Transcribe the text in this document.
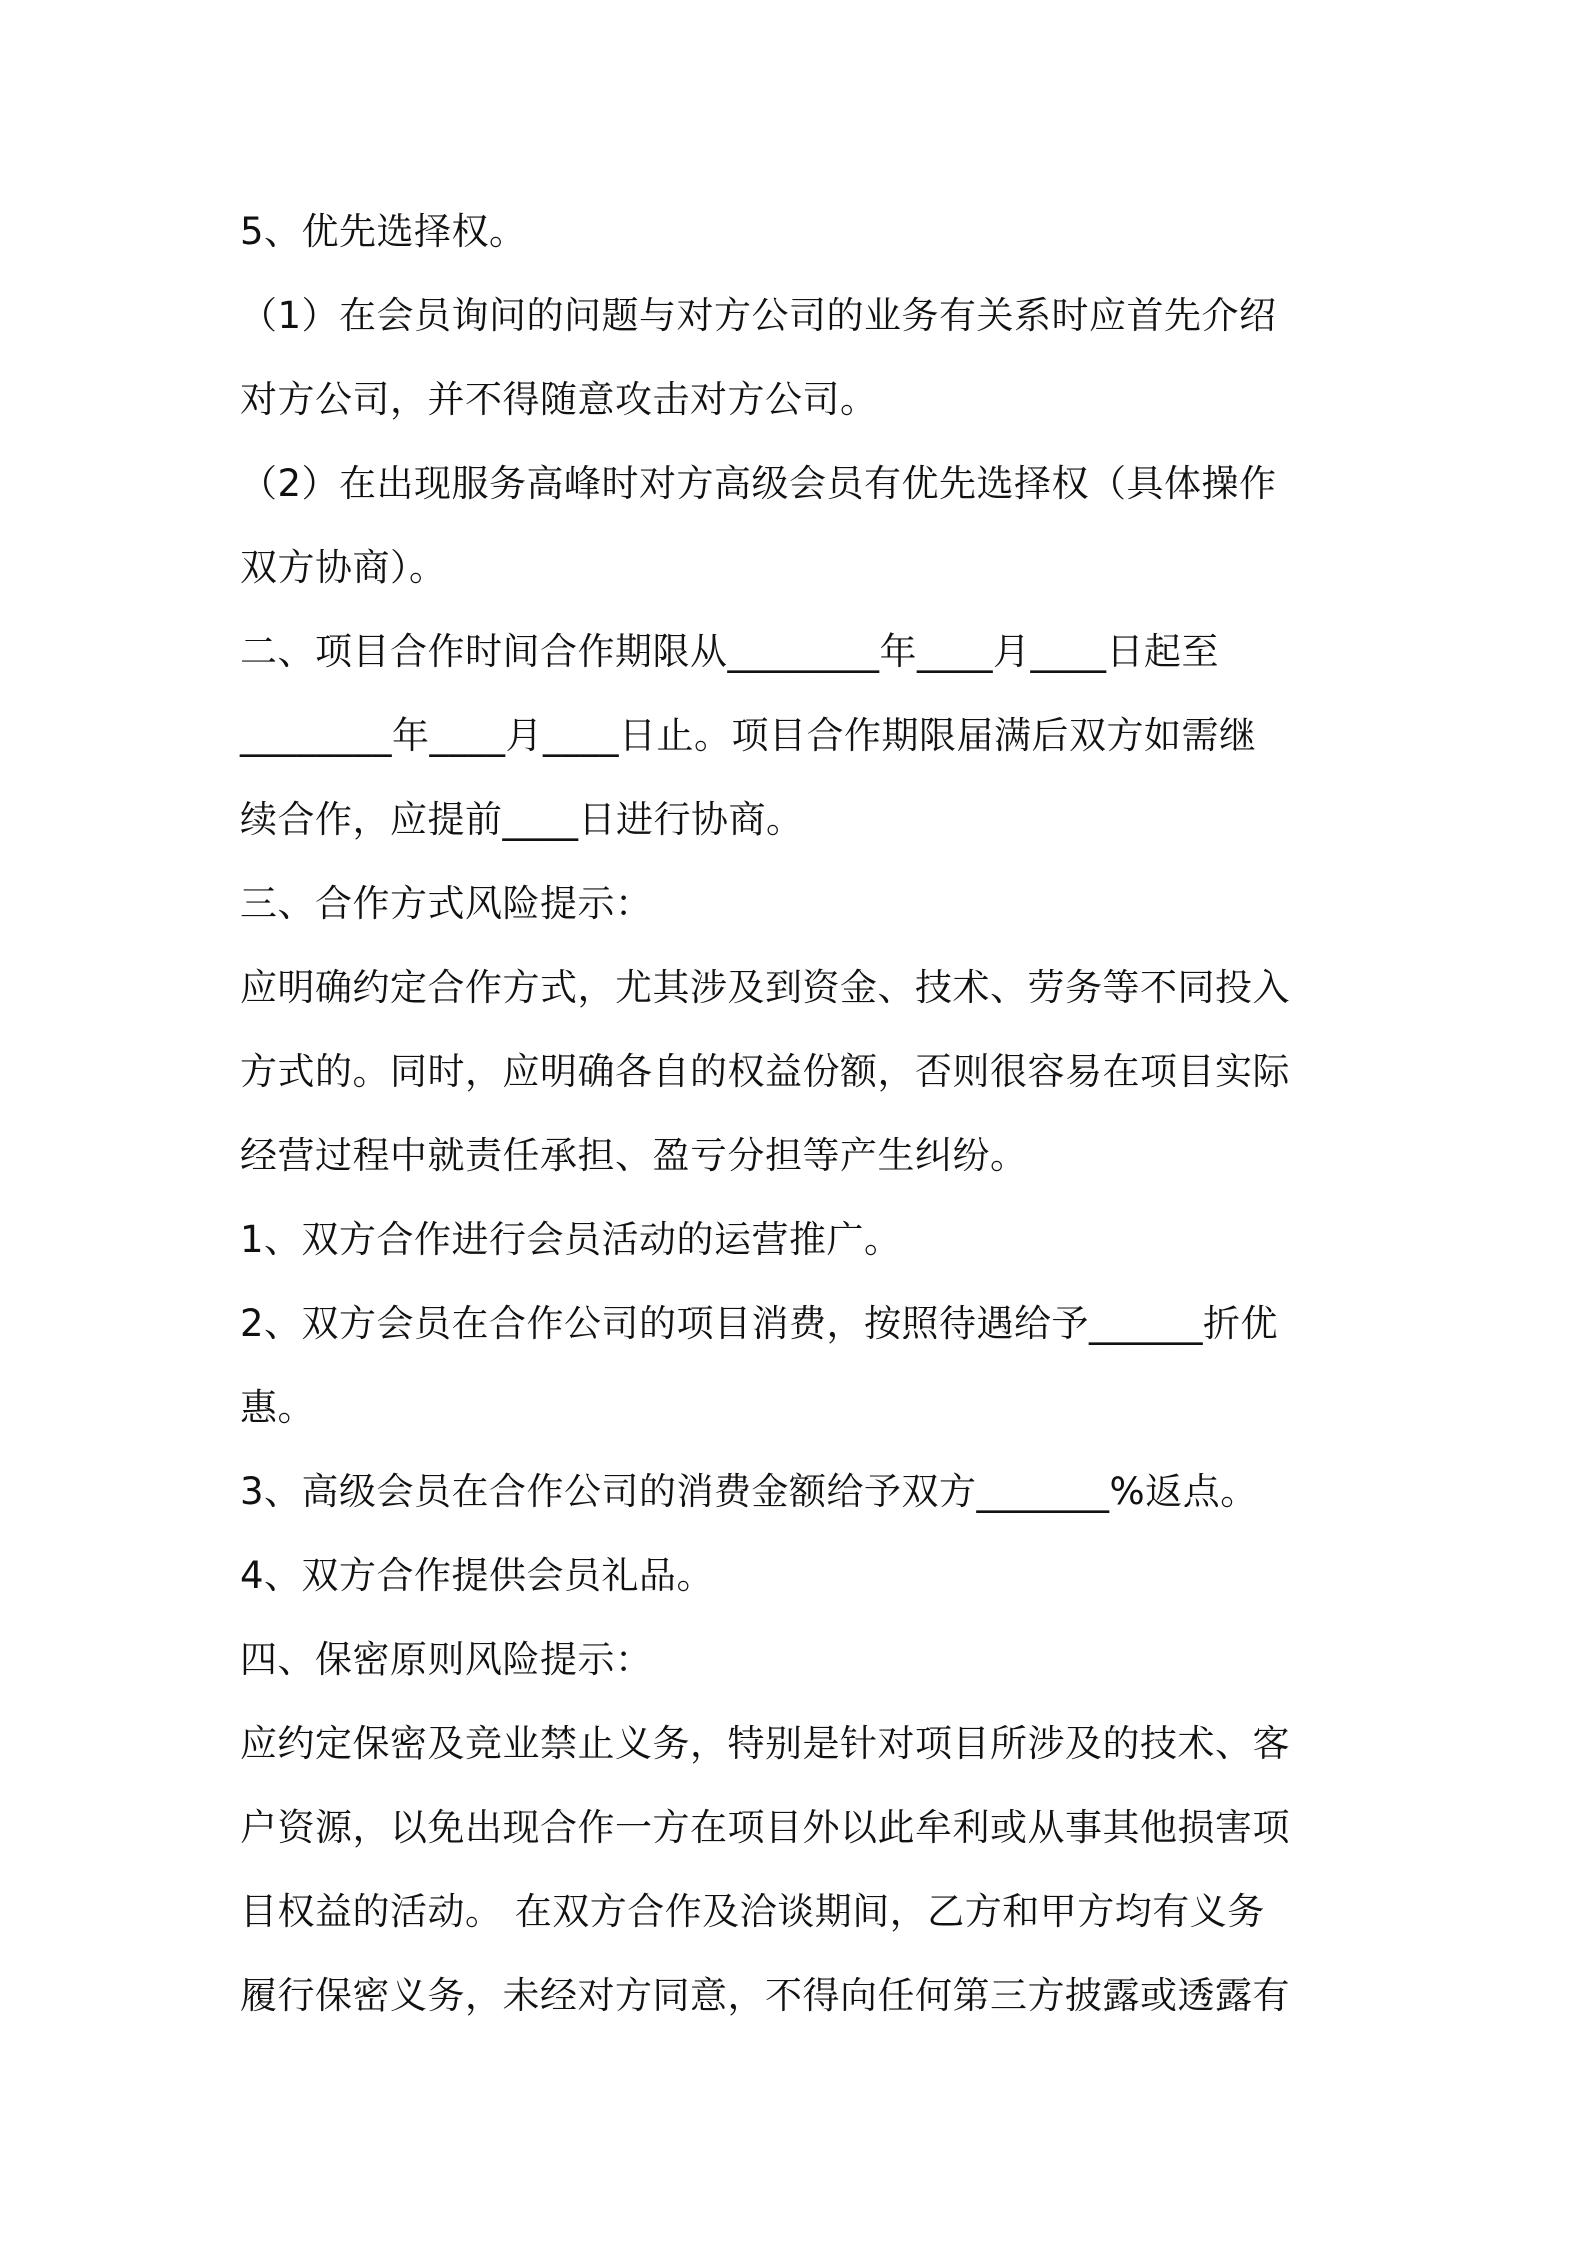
5、优先选择权。
（1）在会员询问的问题与对方公司的业务有关系时应首先介绍
对方公司，并不得随意攻击对方公司。
（2）在出现服务高峰时对方高级会员有优先选择权（具体操作
双方协商）。
二、项目合作时间合作期限从________年____月____日起至
________年____月____日止。项目合作期限届满后双方如需继
续合作，应提前____日进行协商。
三、合作方式风险提示：
应明确约定合作方式，尤其涉及到资金、技术、劳务等不同投入
方式的。同时，应明确各自的权益份额，否则很容易在项目实际
经营过程中就责任承担、盈亏分担等产生纠纷。
1、双方合作进行会员活动的运营推广。
2、双方会员在合作公司的项目消费，按照待遇给予______折优
惠。
3、高级会员在合作公司的消费金额给予双方_______%返点。
4、双方合作提供会员礼品。
四、保密原则风险提示：
应约定保密及竞业禁止义务，特别是针对项目所涉及的技术、客
户资源，以免出现合作一方在项目外以此牟利或从事其他损害项
目权益的活动。 在双方合作及洽谈期间，乙方和甲方均有义务
履行保密义务，未经对方同意，不得向任何第三方披露或透露有
